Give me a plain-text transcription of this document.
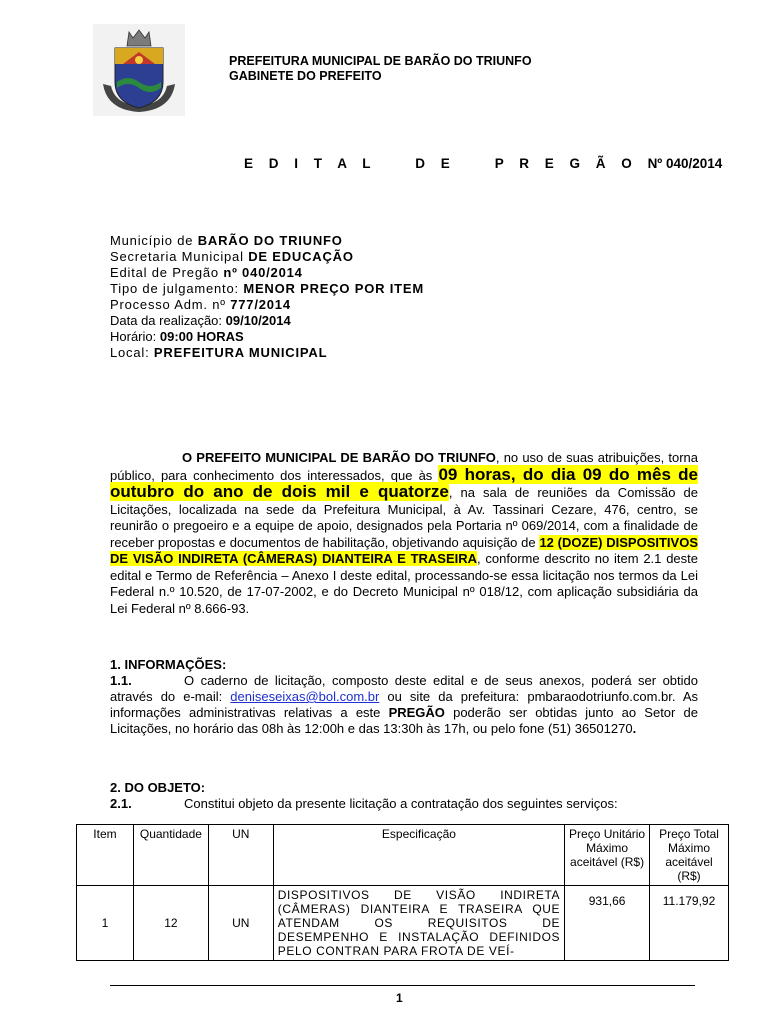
PREFEITURA MUNICIPAL DE BARÃO DO TRIUNFO
GABINETE DO PREFEITO
E D I T A L    D E    P R E G Ã O Nº 040/2014
Município de BARÃO DO TRIUNFO
Secretaria Municipal DE EDUCAÇÃO
Edital de Pregão nº 040/2014
Tipo de julgamento: MENOR PREÇO POR ITEM
Processo Adm. nº 777/2014
Data da realização: 09/10/2014
Horário: 09:00 HORAS
Local: PREFEITURA MUNICIPAL
O PREFEITO MUNICIPAL DE BARÃO DO TRIUNFO, no uso de suas atribuições, torna público, para conhecimento dos interessados, que às 09 horas, do dia 09 do mês de outubro do ano de dois mil e quatorze, na sala de reuniões da Comissão de Licitações, localizada na sede da Prefeitura Municipal, à Av. Tassinari Cezare, 476, centro, se reunirão o pregoeiro e a equipe de apoio, designados pela Portaria nº 069/2014, com a finalidade de receber propostas e documentos de habilitação, objetivando aquisição de 12 (DOZE) DISPOSITIVOS DE VISÃO INDIRETA (CÂMERAS) DIANTEIRA E TRASEIRA, conforme descrito no item 2.1 deste edital e Termo de Referência – Anexo I deste edital, processando-se essa licitação nos termos da Lei Federal n.º 10.520, de 17-07-2002, e do Decreto Municipal nº 018/12, com aplicação subsidiária da Lei Federal nº 8.666-93.
1. INFORMAÇÕES:
1.1.	O caderno de licitação, composto deste edital e de seus anexos, poderá ser obtido através do e-mail: deniseseixas@bol.com.br ou site da prefeitura: pmbaraodotriunfo.com.br. As informações administrativas relativas a este PREGÃO poderão ser obtidas junto ao Setor de Licitações, no horário das 08h às 12:00h e das 13:30h às 17h, ou pelo fone (51) 36501270.
2. DO OBJETO:
2.1.	Constitui objeto da presente licitação a contratação dos seguintes serviços:
Item	Quantidade	UN	Especificação	Preço Unitário Máximo aceitável (R$)	Preço Total Máximo aceitável (R$)
1	12	UN	DISPOSITIVOS DE VISÃO INDIRETA (CÂMERAS) DIANTEIRA E TRASEIRA QUE ATENDAM OS REQUISITOS DE DESEMPENHO E INSTALAÇÃO DEFINIDOS PELO CONTRAN PARA FROTA DE VEÍ-	931,66	11.179,92
1
